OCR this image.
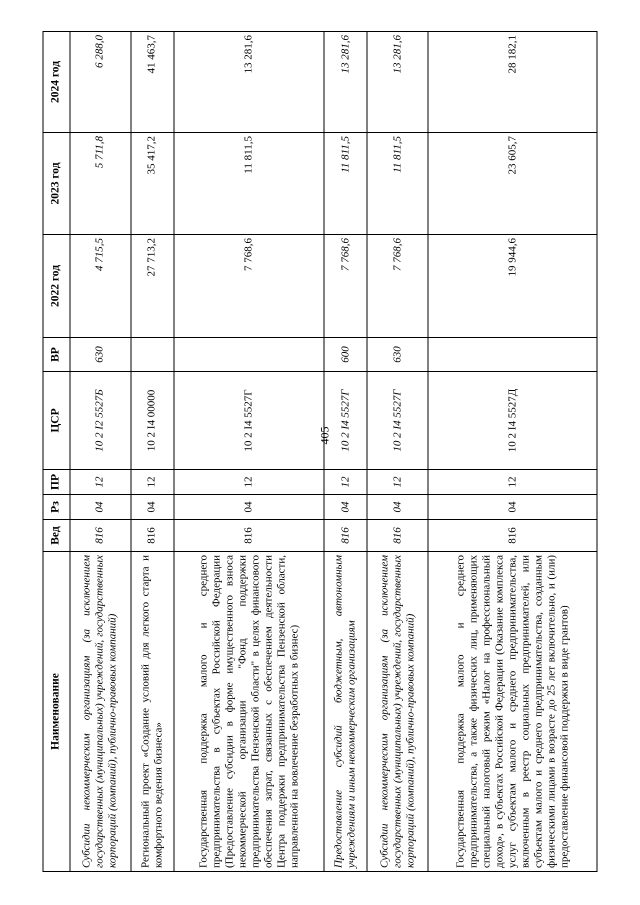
405
Наименование	Вед	Рз	ПР	ЦСР	ВР	2022 год	2023 год	2024 год
Субсидии некоммерческим организациям (за исключением государственных (муниципальных) учреждений, государственных корпораций (компаний), публично-правовых компаний)	816	04	12	10 2 I2 5527Б	630	4 715,5	5 711,8	6 288,0
Региональный проект «Создание условий для легкого старта и комфортного ведения бизнеса»	816	04	12	10 2 I4 00000		27 713,2	35 417,2	41 463,7
Государственная поддержка малого и среднего предпринимательства в субъектах Российской Федерации (Предоставление субсидии в форме имущественного взноса некоммерческой организации "Фонд поддержки предпринимательства Пензенской области" в целях финансового обеспечения затрат, связанных с обеспечением деятельности Центра поддержки предпринимательства Пензенской области, направленной на вовлечение безработных в бизнес)	816	04	12	10 2 I4 5527Г		7 768,6	11 811,5	13 281,6
Предоставление субсидий бюджетным, автономным учреждениям и иным некоммерческим организациям	816	04	12	10 2 I4 5527Г	600	7 768,6	11 811,5	13 281,6
Субсидии некоммерческим организациям (за исключением государственных (муниципальных) учреждений, государственных корпораций (компаний), публично-правовых компаний)	816	04	12	10 2 I4 5527Г	630	7 768,6	11 811,5	13 281,6
Государственная поддержка малого и среднего предпринимательства, а также физических лиц, применяющих специальный налоговый режим «Налог на профессиональный доход», в субъектах Российской Федерации (Оказание комплекса услуг субъектам малого и среднего предпринимательства, включенным в реестр социальных предпринимателей, или субъектам малого и среднего предпринимательства, созданным физическими лицами в возрасте до 25 лет включительно, и (или) предоставление финансовой поддержки в виде грантов)	816	04	12	10 2 I4 5527Д		19 944,6	23 605,7	28 182,1
